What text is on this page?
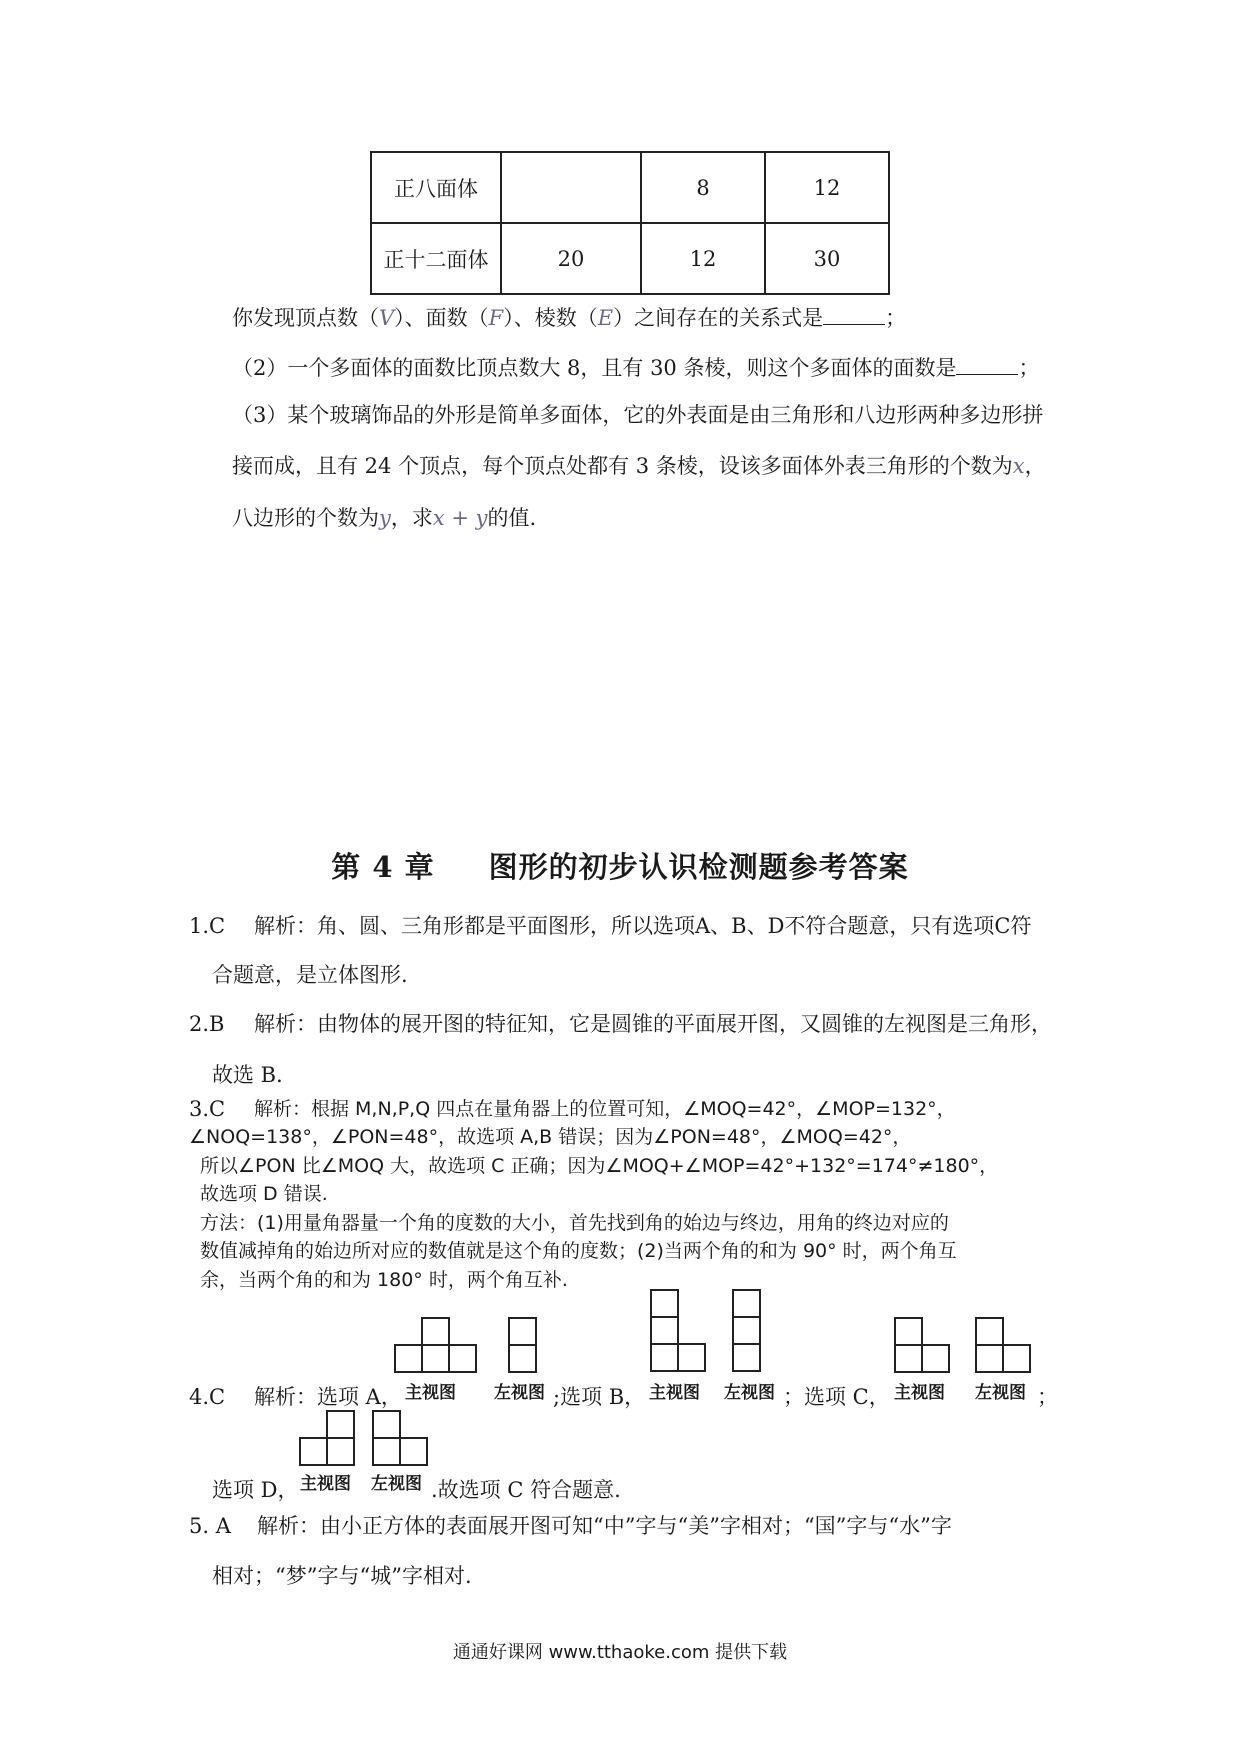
正八面体		8	12
正十二面体	20	12	30
你发现顶点数（V）、面数（F）、棱数（E）之间存在的关系式是	；
（2）一个多面体的面数比顶点数大 8，且有 30 条棱，则这个多面体的面数是	；
（3）某个玻璃饰品的外形是简单多面体，它的外表面是由三角形和八边形两种多边形拼
接而成，且有 24 个顶点，每个顶点处都有 3 条棱，设该多面体外表三角形的个数为x，
八边形的个数为y，求x + y的值.
第 4 章 图形的初步认识检测题参考答案
1.C 解析：角、圆、三角形都是平面图形，所以选项A、B、D不符合题意，只有选项C符
合题意，是立体图形.
2.B 解析：由物体的展开图的特征知，它是圆锥的平面展开图，又圆锥的左视图是三角形，
故选 B．
3.C 解析：根据 M,N,P,Q 四点在量角器上的位置可知，∠MOQ=42°，∠MOP=132°，
∠NOQ=138°，∠PON=48°，故选项 A,B 错误；因为∠PON=48°，∠MOQ=42°，
所以∠PON 比∠MOQ 大，故选项 C 正确；因为∠MOQ+∠MOP=42°+132°=174°≠180°，
故选项 D 错误.
方法：(1)用量角器量一个角的度数的大小，首先找到角的始边与终边，用角的终边对应的
数值减掉角的始边所对应的数值就是这个角的度数；(2)当两个角的和为 90° 时，两个角互
余，当两个角的和为 180° 时，两个角互补.
4.C 解析：选项 A， 主视图 左视图 ;选项 B， 主视图 左视图 ；选项 C， 主视图 左视图 ；
选项 D， 主视图 左视图 .故选项 C 符合题意.
5. A 解析：由小正方体的表面展开图可知“中”字与“美”字相对；“国”字与“水”字
相对；“梦”字与“城”字相对.
通通好课网 www.tthaoke.com 提供下载
